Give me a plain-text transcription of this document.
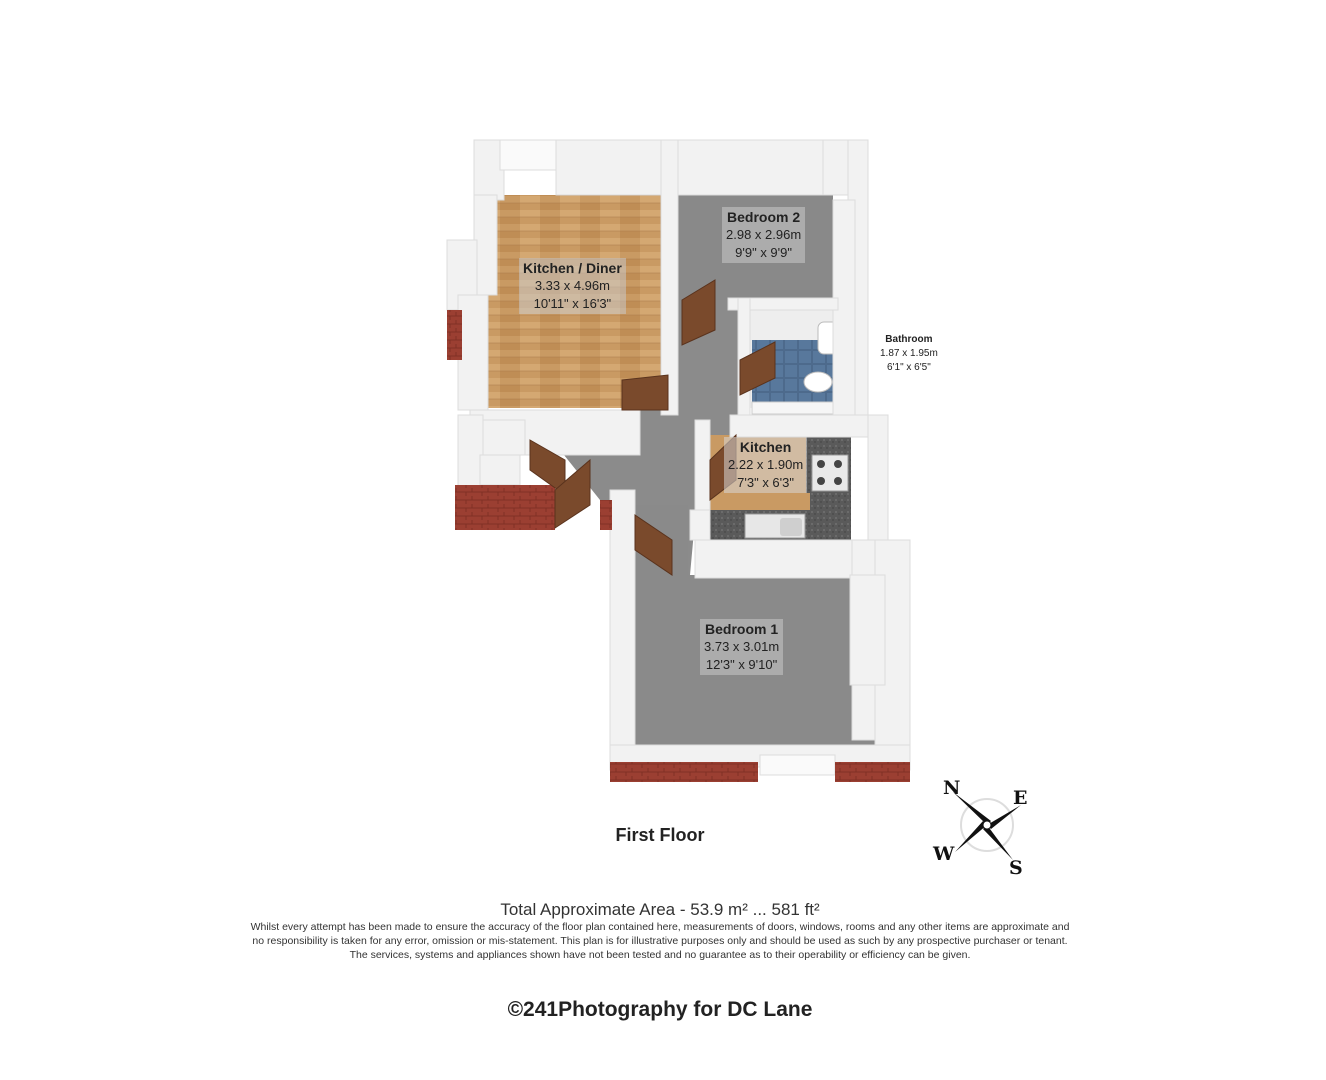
Kitchen / Diner
3.33 x 4.96m
10'11" x 16'3"
Bedroom 2
2.98 x 2.96m
9'9" x 9'9"
Bathroom
1.87 x 1.95m
6'1" x 6'5"
Kitchen
2.22 x 1.90m
7'3" x 6'3"
Bedroom 1
3.73 x 3.01m
12'3" x 9'10"
First Floor
N	E
S
W
Total Approximate Area - 53.9 m² ... 581 ft²
Whilst every attempt has been made to ensure the accuracy of the floor plan contained here, measurements of doors, windows, rooms and any other items are approximate and
no responsibility is taken for any error, omission or mis-statement. This plan is for illustrative purposes only and should be used as such by any prospective purchaser or tenant.
The services, systems and appliances shown have not been tested and no guarantee as to their operability or efficiency can be given.
©241Photography for DC Lane
